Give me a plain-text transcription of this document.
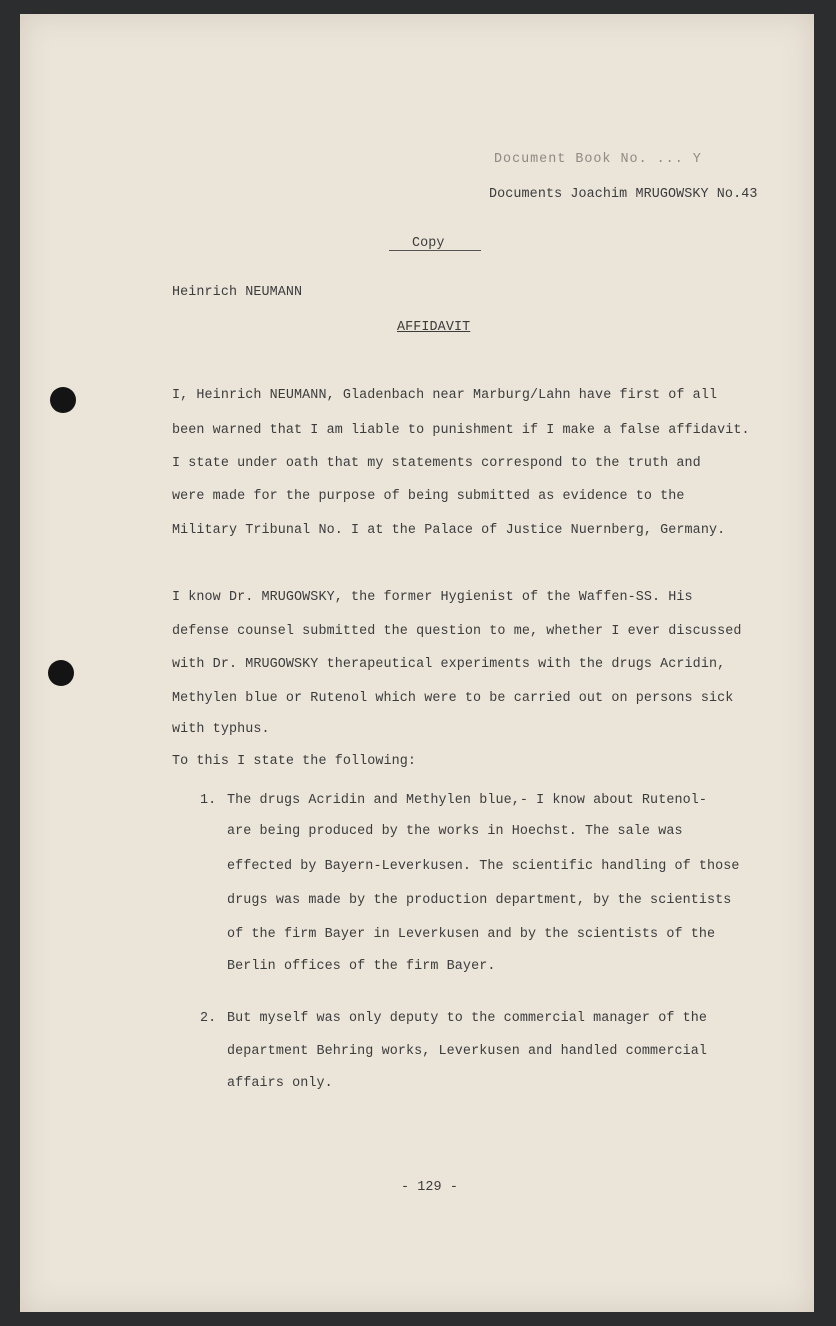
Document Book No. ... Y
Documents Joachim MRUGOWSKY No.43
Copy
Heinrich NEUMANN
AFFIDAVIT
I, Heinrich NEUMANN, Gladenbach near Marburg/Lahn have first of all
been warned that I am liable to punishment if I make a false affidavit.
I state under oath that my statements correspond to the truth and
were made for the purpose of being submitted as evidence to the
Military Tribunal No. I at the Palace of Justice Nuernberg, Germany.
I know Dr. MRUGOWSKY, the former Hygienist of the Waffen-SS. His
defense counsel submitted the question to me, whether I ever discussed
with Dr. MRUGOWSKY therapeutical experiments with the drugs Acridin,
Methylen blue or Rutenol which were to be carried out on persons sick
with typhus.
To this I state the following:
1. The drugs Acridin and Methylen blue,- I know about Rutenol-
are being produced by the works in Hoechst. The sale was
effected by Bayern-Leverkusen. The scientific handling of those
drugs was made by the production department, by the scientists
of the firm Bayer in Leverkusen and by the scientists of the
Berlin offices of the firm Bayer.
2. But myself was only deputy to the commercial manager of the
department Behring works, Leverkusen and handled commercial
affairs only.
- 129 -
